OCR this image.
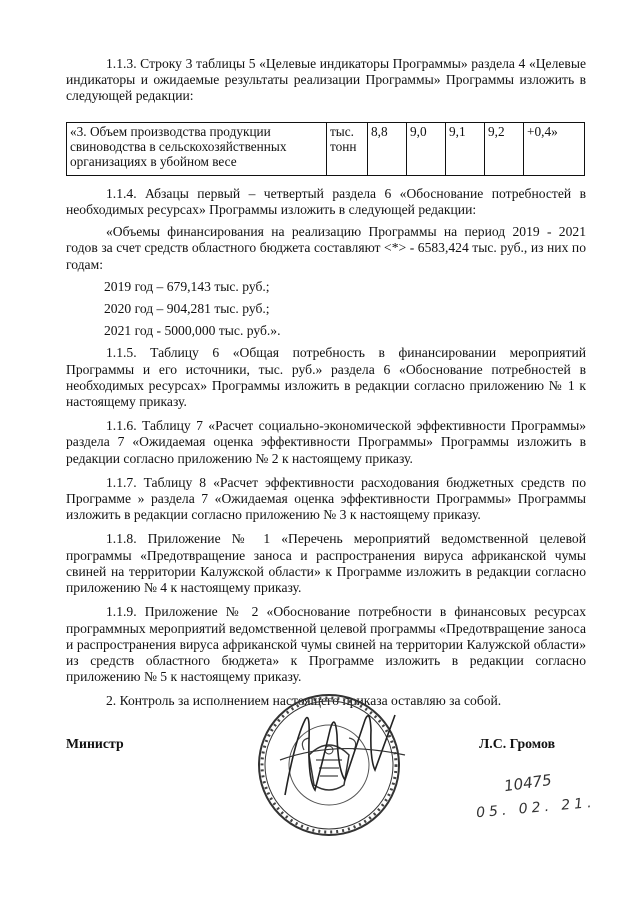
1.1.3. Строку 3 таблицы 5 «Целевые индикаторы Программы» раздела 4 «Целевые индикаторы и ожидаемые результаты реализации Программы» Программы изложить в следующей редакции:

«3. Объем производства продукции свиноводства в сельскохозяйственных организациях в убойном весе	тыс. тонн	8,8	9,0	9,1	9,2	+0,4»

1.1.4. Абзацы первый – четвертый раздела 6 «Обоснование потребностей в необходимых ресурсах» Программы изложить в следующей редакции:

«Объемы финансирования на реализацию Программы на период 2019 - 2021 годов за счет средств областного бюджета составляют <*> - 6583,424 тыс. руб., из них по годам:

2019 год – 679,143 тыс. руб.;

2020 год – 904,281 тыс. руб.;

2021 год - 5000,000 тыс. руб.».

1.1.5. Таблицу 6 «Общая потребность в финансировании мероприятий Программы и его источники, тыс. руб.» раздела 6 «Обоснование потребностей в необходимых ресурсах» Программы изложить в редакции согласно приложению № 1 к настоящему приказу.

1.1.6. Таблицу 7 «Расчет социально-экономической эффективности Программы» раздела 7 «Ожидаемая оценка эффективности Программы» Программы изложить в редакции согласно приложению № 2 к настоящему приказу.

1.1.7. Таблицу 8 «Расчет эффективности расходования бюджетных средств по Программе » раздела 7 «Ожидаемая оценка эффективности Программы» Программы изложить в редакции согласно приложению № 3 к настоящему приказу.

1.1.8. Приложение № 1 «Перечень мероприятий ведомственной целевой программы «Предотвращение заноса и распространения вируса африканской чумы свиней на территории Калужской области» к Программе изложить в редакции согласно приложению № 4 к настоящему приказу.

1.1.9. Приложение № 2 «Обоснование потребности в финансовых ресурсах программных мероприятий ведомственной целевой программы «Предотвращение заноса и распространения вируса африканской чумы свиней на территории Калужской области» из средств областного бюджета» к Программе изложить в редакции согласно приложению № 5 к настоящему приказу.

2. Контроль за исполнением настоящего приказа оставляю за собой.

Министр	Л.С. Громов
10475
05. 02. 21.
